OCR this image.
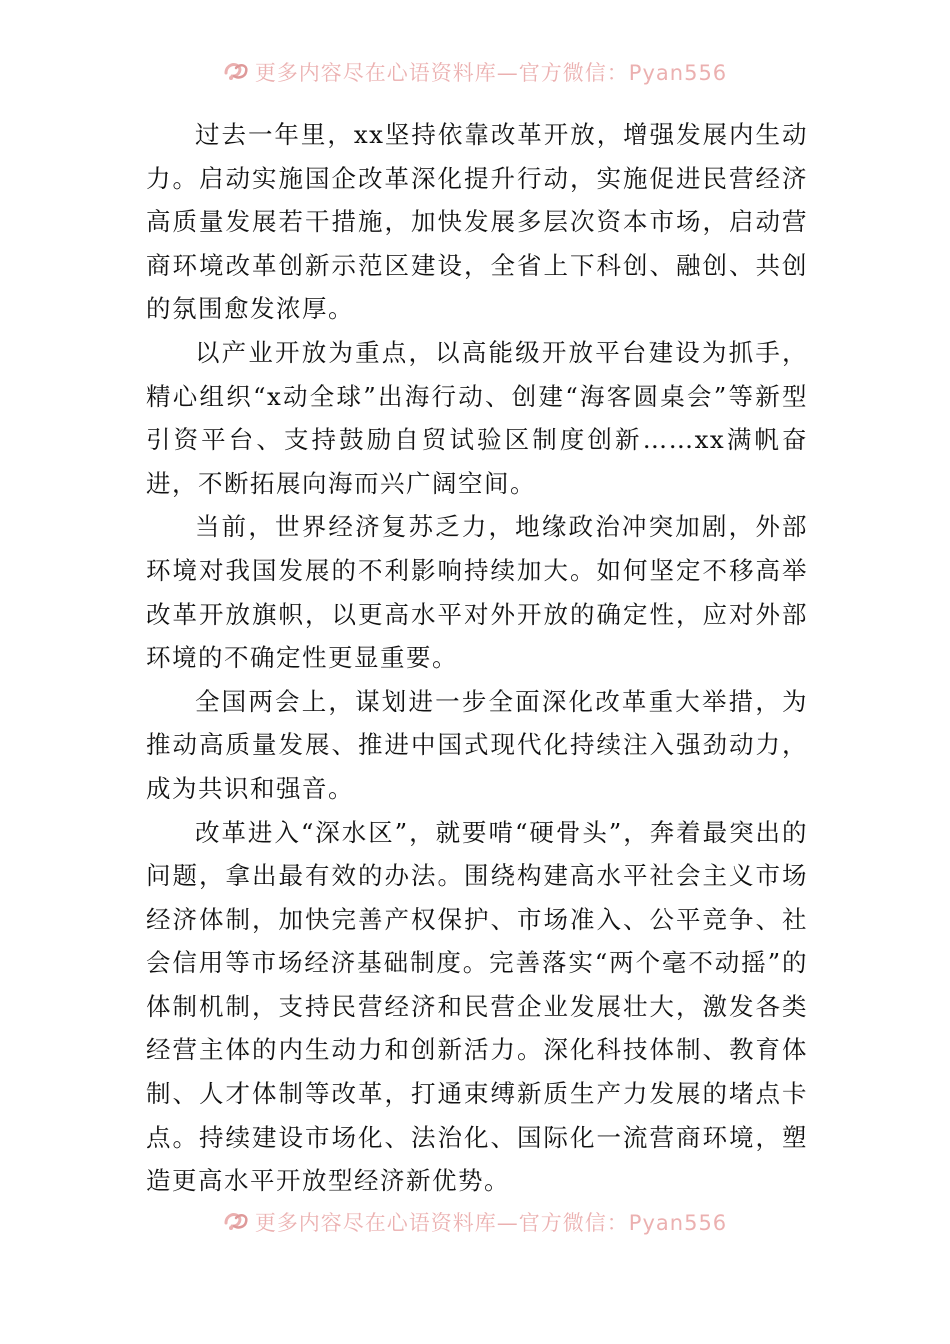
更多内容尽在心语资料库—官方微信：Pyan556

过去一年里，xx坚持依靠改革开放，增强发展内生动力。启动实施国企改革深化提升行动，实施促进民营经济高质量发展若干措施，加快发展多层次资本市场，启动营商环境改革创新示范区建设，全省上下科创、融创、共创的氛围愈发浓厚。

以产业开放为重点，以高能级开放平台建设为抓手，精心组织“x动全球”出海行动、创建“海客圆桌会”等新型引资平台、支持鼓励自贸试验区制度创新……xx满帆奋进，不断拓展向海而兴广阔空间。

当前，世界经济复苏乏力，地缘政治冲突加剧，外部环境对我国发展的不利影响持续加大。如何坚定不移高举改革开放旗帜，以更高水平对外开放的确定性，应对外部环境的不确定性更显重要。

全国两会上，谋划进一步全面深化改革重大举措，为推动高质量发展、推进中国式现代化持续注入强劲动力，成为共识和强音。

改革进入“深水区”，就要啃“硬骨头”，奔着最突出的问题，拿出最有效的办法。围绕构建高水平社会主义市场经济体制，加快完善产权保护、市场准入、公平竞争、社会信用等市场经济基础制度。完善落实“两个毫不动摇”的体制机制，支持民营经济和民营企业发展壮大，激发各类经营主体的内生动力和创新活力。深化科技体制、教育体制、人才体制等改革，打通束缚新质生产力发展的堵点卡点。持续建设市场化、法治化、国际化一流营商环境，塑造更高水平开放型经济新优势。

更多内容尽在心语资料库—官方微信：Pyan556
